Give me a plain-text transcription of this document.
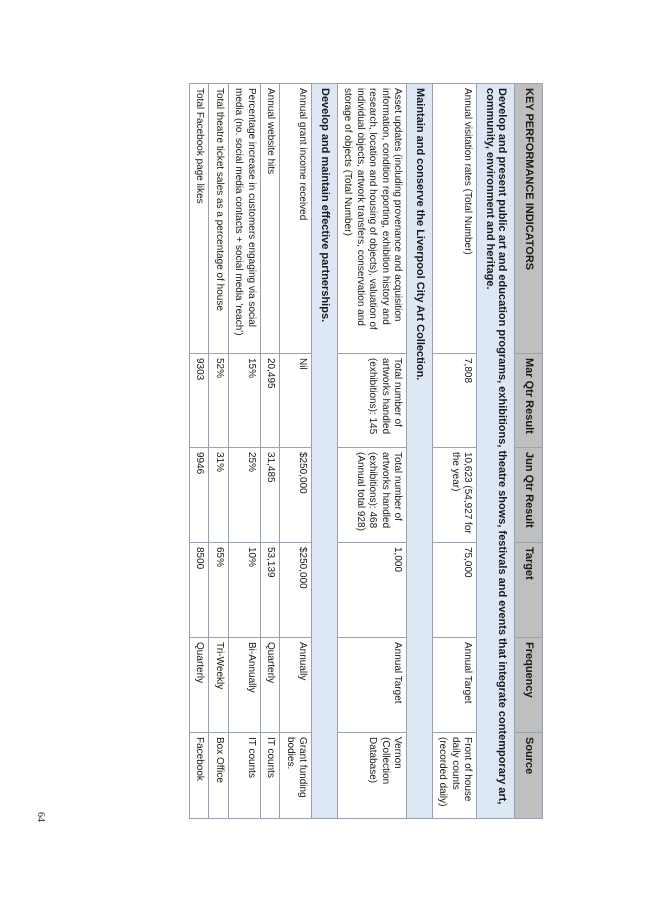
KEY PERFORMANCE INDICATORS	Mar Qtr Result	Jun Qtr Result	Target	Frequency	Source
Develop and present public art and education programs, exhibitions, theatre shows, festivals and events that integrate contemporary art, community, environment and heritage.					
Annual visitation rates (Total Number)	7,808	10,623 (54,927 for the year)	75,000	Annual Target	Front of house daily counts (recorded daily)
Maintain and conserve the Liverpool City Art Collection.					
Asset updates (including provenance and acquisition information, condition reporting, exhibition history and research, location and housing of objects), valuation of individual objects, artwork transfers, conservation and storage of objects (Total Number)	Total number of artworks handled (exhibitions): 145	Total number of artworks handled (exhibitions): 468 (Annual total 928)	1,000	Annual Target	Vernon (Collection Database)
Develop and maintain effective partnerships.					
Annual grant income received	Nil	$250,000	$250,000	Annually	Grant funding bodies.
Annual website hits	20,495	31,485	53,139	Quarterly	IT counts
Percentage increase in customers engaging via social media (no. social media contacts + social media 'reach')	15%	25%	10%	Bi-Annually	IT counts
Total theatre ticket sales as a percentage of house	52%	31%	65%	Tri-Weekly	Box Office
Total Facebook page likes	9303	9946	8500	Quarterly	Facebook
64
